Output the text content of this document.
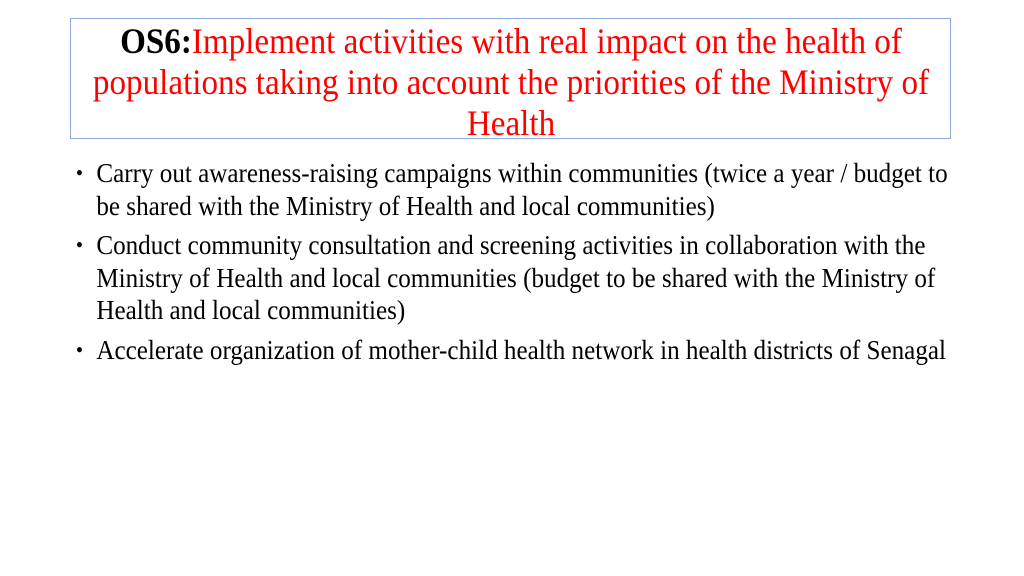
OS6:Implement activities with real impact on the health of populations taking into account the priorities of the Ministry of Health
• Carry out awareness-raising campaigns within communities (twice a year / budget to be shared with the Ministry of Health and local communities)
• Conduct community consultation and screening activities in collaboration with the Ministry of Health and local communities (budget to be shared with the Ministry of Health and local communities)
• Accelerate organization of mother-child health network in health districts of Senagal
